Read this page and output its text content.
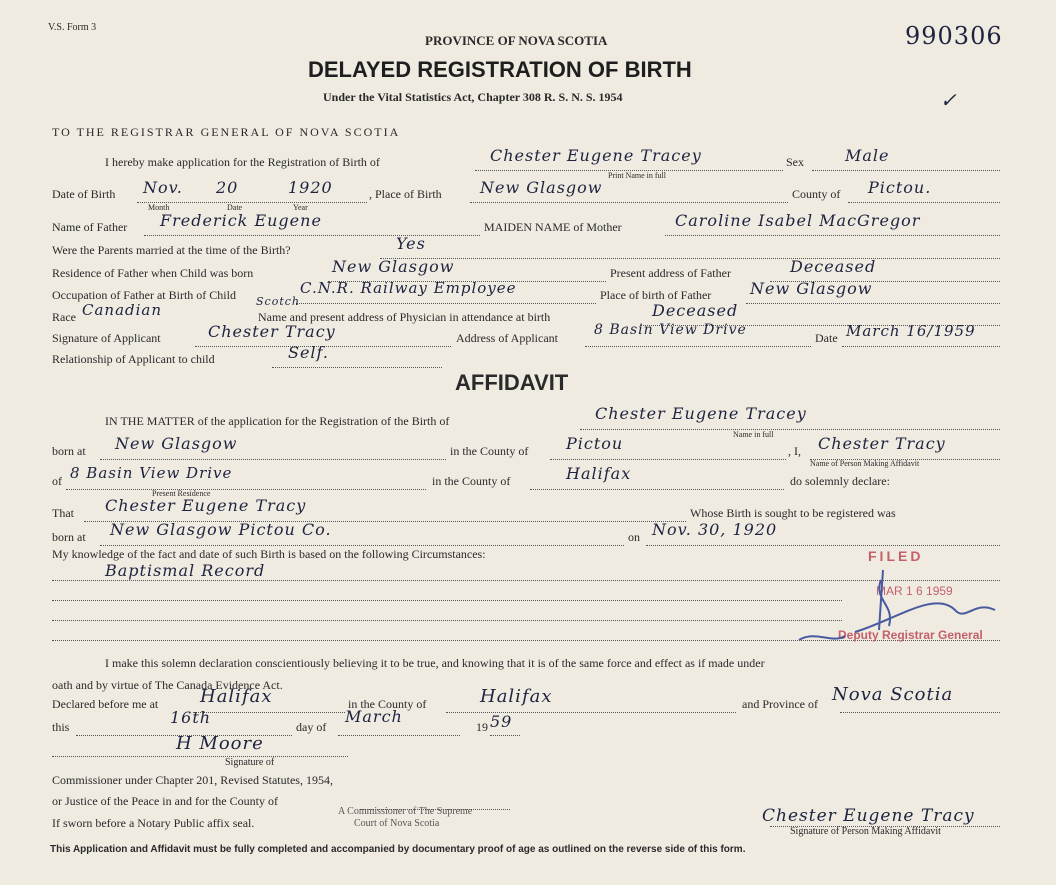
V.S. Form 3	990306
PROVINCE OF NOVA SCOTIA
DELAYED REGISTRATION OF BIRTH
Under the Vital Statistics Act, Chapter 308 R. S. N. S. 1954	✓
TO THE REGISTRAR GENERAL OF NOVA SCOTIA
I hereby make application for the Registration of Birth of	Chester Eugene Tracey	Sex	Male
Print Name in full
Date of Birth Nov. 20	1920
Month	Date	Year
, Place of Birth New Glasgow	County of Pictou.
Name of Father Frederick Eugene	MAIDEN NAME of Mother	Caroline Isabel MacGregor
Were the Parents married at the time of the Birth?	Yes
Residence of Father when Child was born	New Glasgow	Present address of Father	Deceased
Occupation of Father at Birth of Child	C.N.R. Railway Employee	Place of birth of Father New Glasgow
Race Canadian	Scotch
Name and present address of Physician in attendance at birth	Deceased
Signature of Applicant	Chester Tracy	Address of Applicant	8 Basin View Drive	Date March 16/1959
Relationship of Applicant to child	Self.
AFFIDAVIT
IN THE MATTER of the application for the Registration of the Birth of	Chester Eugene Tracey
Name in full
born at New Glasgow	in the County of Pictou	, I, Chester Tracy
Name of Person Making Affidavit
of 8 Basin View Drive
Present Residence
in the County of	Halifax	do solemnly declare:
That Chester Eugene Tracy	Whose Birth is sought to be registered was
born at New Glasgow Pictou Co.	on Nov. 30, 1920
My knowledge of the fact and date of such Birth is based on the following Circumstances:
Baptismal Record
I make this solemn declaration conscientiously believing it to be true, and knowing that it is of the same force and effect as if made under
oath and by virtue of The Canada Evidence Act.
Declared before me at Halifax	in the County of	Halifax	and Province of Nova Scotia
this	16th	day of
March
19 59
H Moore
Signature of
Commissioner under Chapter 201, Revised Statutes, 1954,
or Justice of the Peace in and for the County of
If sworn before a Notary Public affix seal.
A Commissioner of The Supreme
Court of Nova Scotia	Chester Eugene Tracy
Signature of Person Making Affidavit
FILED
MAR 1 6 1959
Deputy Registrar General
This Application and Affidavit must be fully completed and accompanied by documentary proof of age as outlined on the reverse side of this form.
